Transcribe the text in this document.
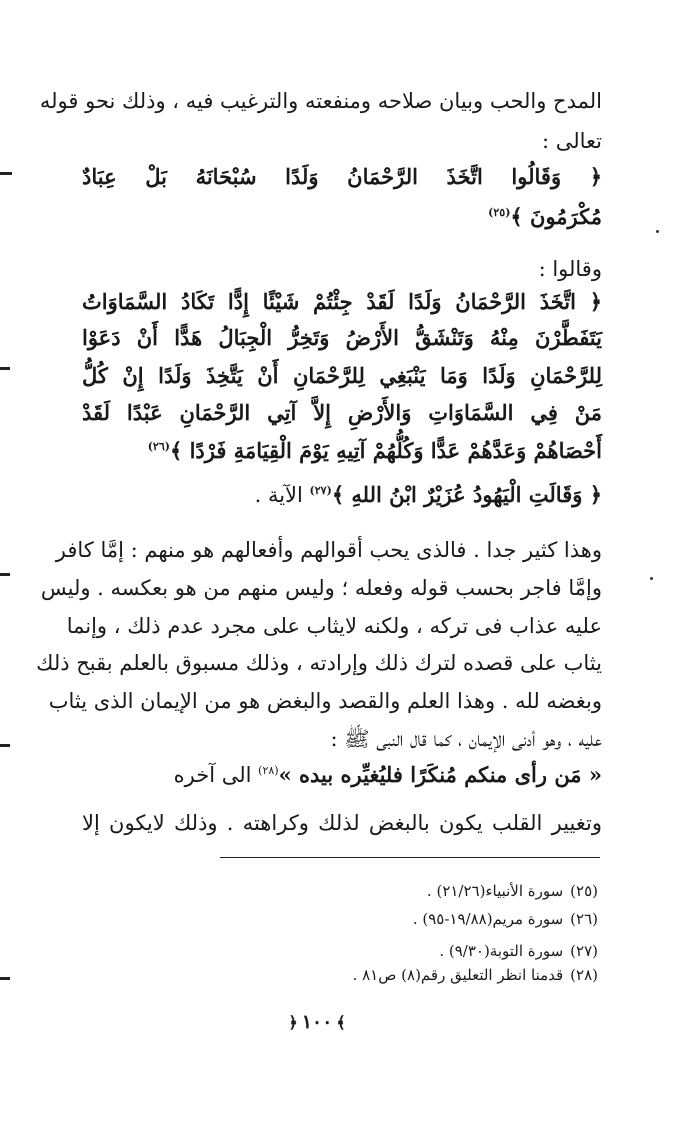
المدح والحب وبيان صلاحه ومنفعته والترغيب فيه ، وذلك نحو قوله
تعالى :
﴿ وَقَالُوا اتَّخَذَ الرَّحْمَانُ وَلَدًا سُبْحَانَهُ بَلْ عِبَادٌ
مُكْرَمُونَ ﴾$^{(٢٥)}$
وقالوا :
﴿ اتَّخَذَ الرَّحْمَانُ وَلَدًا لَقَدْ جِئْتُمْ شَيْئًا إِدًّا تَكَادُ السَّمَاوَاتُ
يَتَفَطَّرْنَ مِنْهُ وَتَنْشَقُّ الأَرْضُ وَتَخِرُّ الْجِبَالُ هَدًّا أَنْ دَعَوْا
لِلرَّحْمَانِ وَلَدًا وَمَا يَنْبَغِي لِلرَّحْمَانِ أَنْ يَتَّخِذَ وَلَدًا إِنْ كُلُّ
مَنْ فِي السَّمَاوَاتِ وَالأَرْضِ إِلاَّ آتِي الرَّحْمَانِ عَبْدًا لَقَدْ
أَحْصَاهُمْ وَعَدَّهُمْ عَدًّا وَكُلُّهُمْ آتِيهِ يَوْمَ الْقِيَامَةِ فَرْدًا ﴾$^{(٢٦)}$
﴿ وَقَالَتِ الْيَهُودُ عُزَيْرٌ ابْنُ اللهِ ﴾$^{(٢٧)}$ الآية .
وهذا كثير جدا . فالذى يحب أقوالهم وأفعالهم هو منهم : إمَّا كافر
وإمَّا فاجر بحسب قوله وفعله ؛ وليس منهم من هو بعكسه . وليس
عليه عذاب فى تركه ، ولكنه لايثاب على مجرد عدم ذلك ، وإنما
يثاب على قصده لترك ذلك وإرادته ، وذلك مسبوق بالعلم بقبح ذلك
وبغضه لله . وهذا العلم والقصد والبغض هو من الإيمان الذى يثاب
عليه ، وهو أدنى الإيمان ، كما قال النبى ﷺ :
« مَن رأى منكم مُنكَرًا فليُغيِّره بيده »$^{(٢٨)}$ الى آخره
وتغيير القلب يكون بالبغض لذلك وكراهته . وذلك لايكون إلا
(٢٥) سورة الأنبياء(٢١/٢٦) .
(٢٦) سورة مريم(١٩/٨٨-٩٥) .
(٢٧) سورة التوبة(٩/٣٠) .
(٢٨) قدمنا انظر التعليق رقم(٨) ص٨١ .
﴿ ١٠٠ ﴾
